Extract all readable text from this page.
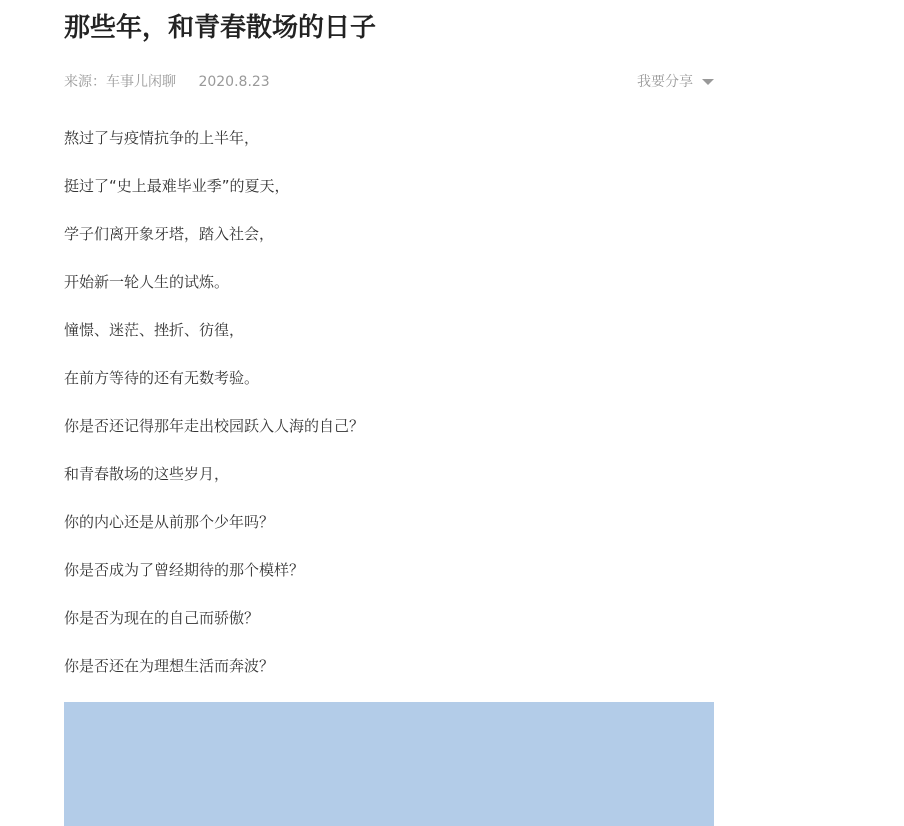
那些年，和青春散场的日子
来源：车事儿闲聊 2020.8.23	我要分享

熬过了与疫情抗争的上半年，

挺过了“史上最难毕业季”的夏天，

学子们离开象牙塔，踏入社会，

开始新一轮人生的试炼。

憧憬、迷茫、挫折、彷徨，

在前方等待的还有无数考验。

你是否还记得那年走出校园跃入人海的自己？

和青春散场的这些岁月，

你的内心还是从前那个少年吗？

你是否成为了曾经期待的那个模样？

你是否为现在的自己而骄傲？

你是否还在为理想生活而奔波？
